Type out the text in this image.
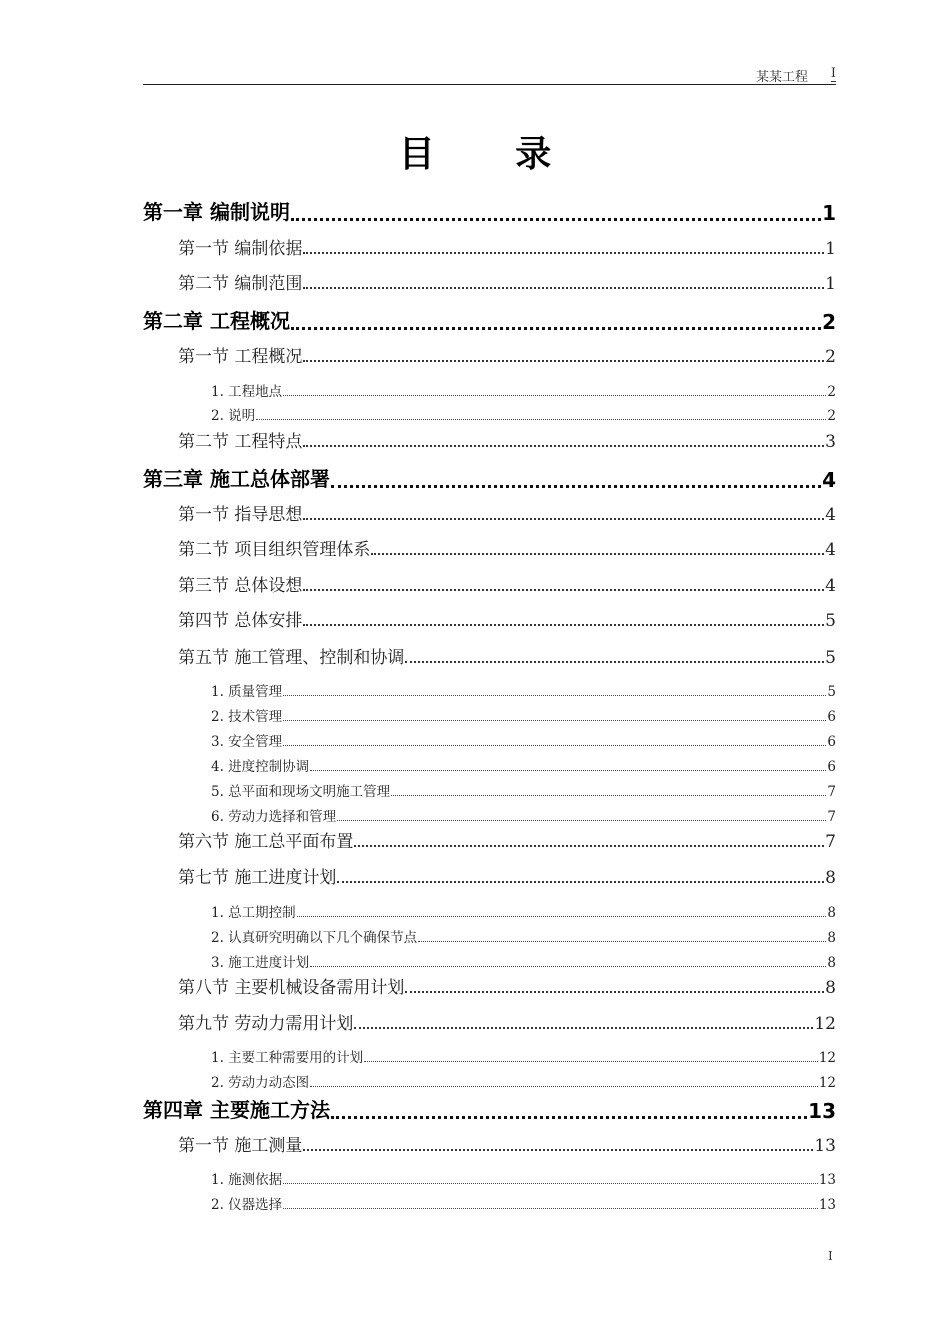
某某工程 I
目 录
第一章 编制说明	1
第一节 编制依据	1
第二节 编制范围	1
第二章 工程概况	2
第一节 工程概况	2
1. 工程地点	2
2. 说明	2
第二节 工程特点	3
第三章 施工总体部署	4
第一节 指导思想	4
第二节 项目组织管理体系	4
第三节 总体设想	4
第四节 总体安排	5
第五节 施工管理、控制和协调	5
1. 质量管理	5
2. 技术管理	6
3. 安全管理	6
4. 进度控制协调	6
5. 总平面和现场文明施工管理	7
6. 劳动力选择和管理	7
第六节 施工总平面布置	7
第七节 施工进度计划	8
1. 总工期控制	8
2. 认真研究明确以下几个确保节点	8
3. 施工进度计划	8
第八节 主要机械设备需用计划	8
第九节 劳动力需用计划	12
1. 主要工种需要用的计划	12
2. 劳动力动态图	12
第四章 主要施工方法	13
第一节 施工测量	13
1. 施测依据	13
2. 仪器选择	13
I
